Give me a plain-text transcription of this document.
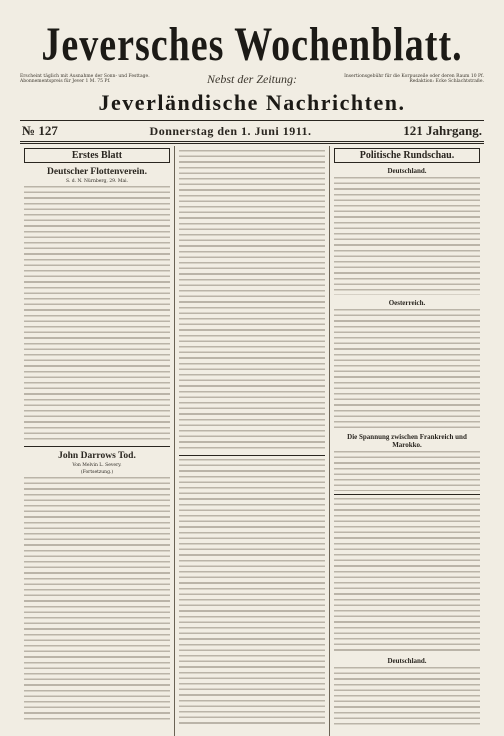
Jeversches Wochenblatt.
Erscheint täglich mit Ausnahme der Sonn- und Festtage. Abonnementspreis für Jever 1 M. 75 Pf.	Nebst der Zeitung:	Insertionsgebühr für die Korpuszeile oder deren Raum 10 Pf. Redaktion: Ecke Schlachtstraße.
Jeverländische Nachrichten.
№ 127	Donnerstag den 1. Juni 1911.	121 Jahrgang.
Erstes Blatt
Deutscher Flottenverein.
S. d. N. Nürnberg, 29. Mai.
John Darrows Tod.
Von Melvin L. Severy.
(Fortsetzung.)
Politische Rundschau.
Deutschland.
Oesterreich.
Die Spannung zwischen Frankreich und Marokko.
Deutschland.
